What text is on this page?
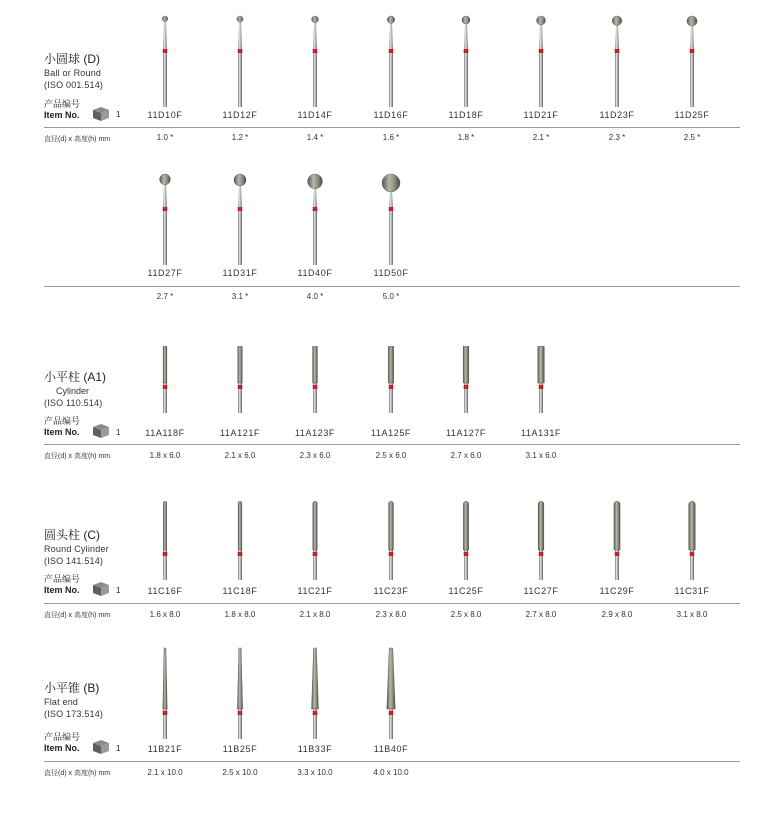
小圆球 (D)
Ball or Round
(ISO 001.514)
产品编号
Item No.	1
直径(d) x 高度(h) mm
小平柱 (A1)
Cylinder
(ISO 110.514)
产品编号
Item No.	1
直径(d) x 高度(h) mm
圆头柱 (C)
Round Cylinder
(ISO 141.514)
产品编号
Item No.	1
直径(d) x 高度(h) mm
小平锥 (B)
Flat end
(ISO 173.514)
产品编号
Item No.	1
直径(d) x 高度(h) mm
11D10F
1.0 *
11D12F
1.2 *
11D14F
1.4 *
11D16F
1.6 *
11D18F
1.8 *
11D21F
2.1 *
11D23F
2.3 *
11D25F
2.5 *
11D27F
2.7 *
11D31F
3.1 *
11D40F
4.0 *
11D50F
5.0 *
11A118F
1.8 x 6.0
11A121F
2.1 x 6.0
11A123F
2.3 x 6.0
11A125F
2.5 x 6.0
11A127F
2.7 x 6.0
11A131F
3.1 x 6.0
11C16F
1.6 x 8.0
11C18F
1.8 x 8.0
11C21F
2.1 x 8.0
11C23F
2.3 x 8.0
11C25F
2.5 x 8.0
11C27F
2.7 x 8.0
11C29F
2.9 x 8.0
11C31F
3.1 x 8.0
11B21F
2.1 x 10.0
11B25F
2.5 x 10.0
11B33F
3.3 x 10.0
11B40F
4.0 x 10.0
